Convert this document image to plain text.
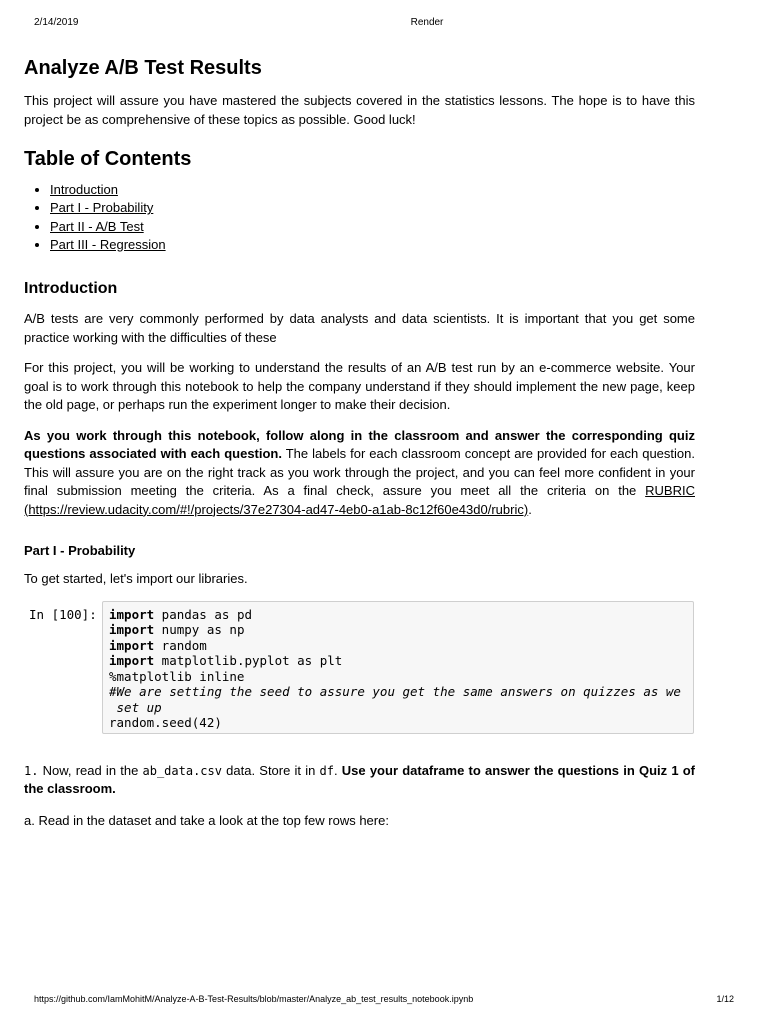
2/14/2019	Render
Analyze A/B Test Results

This project will assure you have mastered the subjects covered in the statistics lessons. The hope is to have this project be as comprehensive of these topics as possible. Good luck!

Table of Contents
• Introduction
• Part I - Probability
• Part II - A/B Test
• Part III - Regression
Introduction

A/B tests are very commonly performed by data analysts and data scientists. It is important that you get some practice working with the difficulties of these

For this project, you will be working to understand the results of an A/B test run by an e-commerce website. Your goal is to work through this notebook to help the company understand if they should implement the new page, keep the old page, or perhaps run the experiment longer to make their decision.

As you work through this notebook, follow along in the classroom and answer the corresponding quiz questions associated with each question. The labels for each classroom concept are provided for each question. This will assure you are on the right track as you work through the project, and you can feel more confident in your final submission meeting the criteria. As a final check, assure you meet all the criteria on the RUBRIC (https://review.udacity.com/#!/projects/37e27304-ad47-4eb0-a1ab-8c12f60e43d0/rubric).

Part I - Probability

To get started, let's import our libraries.

In [100]: import pandas as pd
import numpy as np
import random
import matplotlib.pyplot as plt
%matplotlib inline
#We are setting the seed to assure you get the same answers on quizzes as we
set up
random.seed(42)

1. Now, read in the ab_data.csv data. Store it in df. Use your dataframe to answer the questions in Quiz 1 of the classroom.

a. Read in the dataset and take a look at the top few rows here:

https://github.com/IamMohitM/Analyze-A-B-Test-Results/blob/master/Analyze_ab_test_results_notebook.ipynb	1/12
